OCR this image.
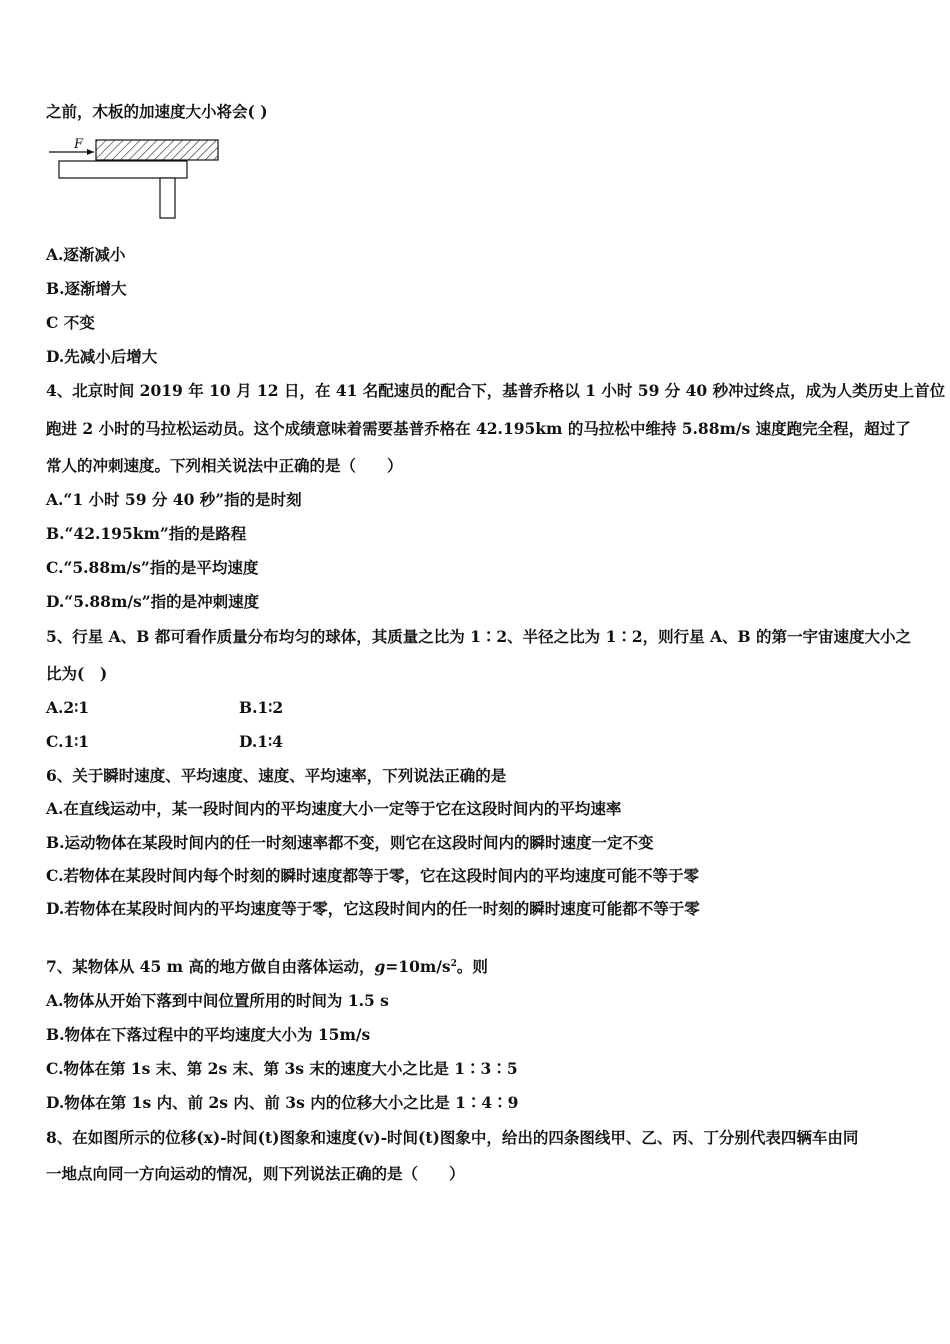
之前，木板的加速度大小将会( )
F
A.逐渐减小
B.逐渐增大
C 不变
D.先减小后增大
4、北京时间 2019 年 10 月 12 日，在 41 名配速员的配合下，基普乔格以 1 小时 59 分 40 秒冲过终点，成为人类历史上首位
跑进 2 小时的马拉松运动员。这个成绩意味着需要基普乔格在 42.195km 的马拉松中维持 5.88m/s 速度跑完全程，超过了
常人的冲刺速度。下列相关说法中正确的是（　　）
A.“1 小时 59 分 40 秒”指的是时刻
B.“42.195km”指的是路程
C.“5.88m/s”指的是平均速度
D.“5.88m/s”指的是冲刺速度
5、行星 A、B 都可看作质量分布均匀的球体，其质量之比为 1∶2、半径之比为 1∶2，则行星 A、B 的第一宇宙速度大小之
比为(　)
A.2∶1	B.1∶2
C.1∶1	D.1∶4
6、关于瞬时速度、平均速度、速度、平均速率，下列说法正确的是
A.在直线运动中，某一段时间内的平均速度大小一定等于它在这段时间内的平均速率
B.运动物体在某段时间内的任一时刻速率都不变，则它在这段时间内的瞬时速度一定不变
C.若物体在某段时间内每个时刻的瞬时速度都等于零，它在这段时间内的平均速度可能不等于零
D.若物体在某段时间内的平均速度等于零，它这段时间内的任一时刻的瞬时速度可能都不等于零
7、某物体从 45 m 高的地方做自由落体运动，$g=10m/s^2$。则
A.物体从开始下落到中间位置所用的时间为 1.5 s
B.物体在下落过程中的平均速度大小为 15m/s
C.物体在第 1s 末、第 2s 末、第 3s 末的速度大小之比是 1∶3∶5
D.物体在第 1s 内、前 2s 内、前 3s 内的位移大小之比是 1∶4∶9
8、在如图所示的位移(x)-时间(t)图象和速度(v)-时间(t)图象中，给出的四条图线甲、乙、丙、丁分别代表四辆车由同
一地点向同一方向运动的情况，则下列说法正确的是（　　）
